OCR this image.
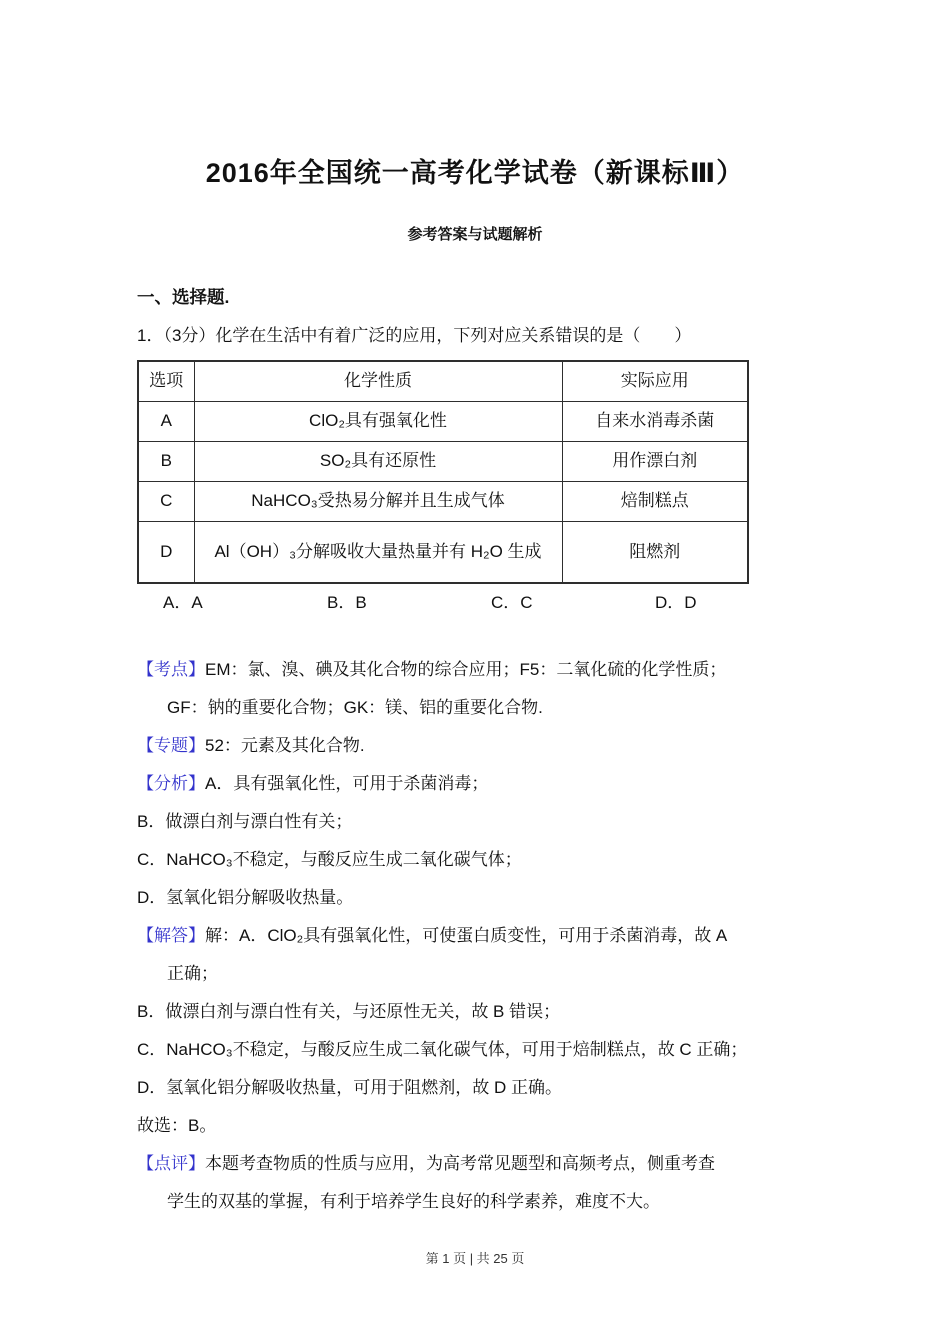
2016年全国统一高考化学试卷（新课标Ⅲ）
参考答案与试题解析
一、选择题.
1．（3分）化学在生活中有着广泛的应用，下列对应关系错误的是（　　）
选项	化学性质	实际应用
A	ClO₂具有强氧化性	自来水消毒杀菌
B	SO₂具有还原性	用作漂白剂
C	NaHCO₃受热易分解并且生成气体	焙制糕点
D	Al（OH）₃分解吸收大量热量并有 H₂O 生成	阻燃剂
A．A	B．B	C．C	D．D

【考点】EM：氯、溴、碘及其化合物的综合应用；F5：二氧化硫的化学性质；

GF：钠的重要化合物；GK：镁、铝的重要化合物.

【专题】52：元素及其化合物.

【分析】A．具有强氧化性，可用于杀菌消毒；

B．做漂白剂与漂白性有关；

C．NaHCO₃不稳定，与酸反应生成二氧化碳气体；

D．氢氧化铝分解吸收热量。

【解答】解：A．ClO₂具有强氧化性，可使蛋白质变性，可用于杀菌消毒，故 A

正确；

B．做漂白剂与漂白性有关，与还原性无关，故 B 错误；

C．NaHCO₃不稳定，与酸反应生成二氧化碳气体，可用于焙制糕点，故 C 正确；

D．氢氧化铝分解吸收热量，可用于阻燃剂，故 D 正确。

故选：B。

【点评】本题考查物质的性质与应用，为高考常见题型和高频考点，侧重考查

学生的双基的掌握，有利于培养学生良好的科学素养，难度不大。

第 1 页 | 共 25 页
